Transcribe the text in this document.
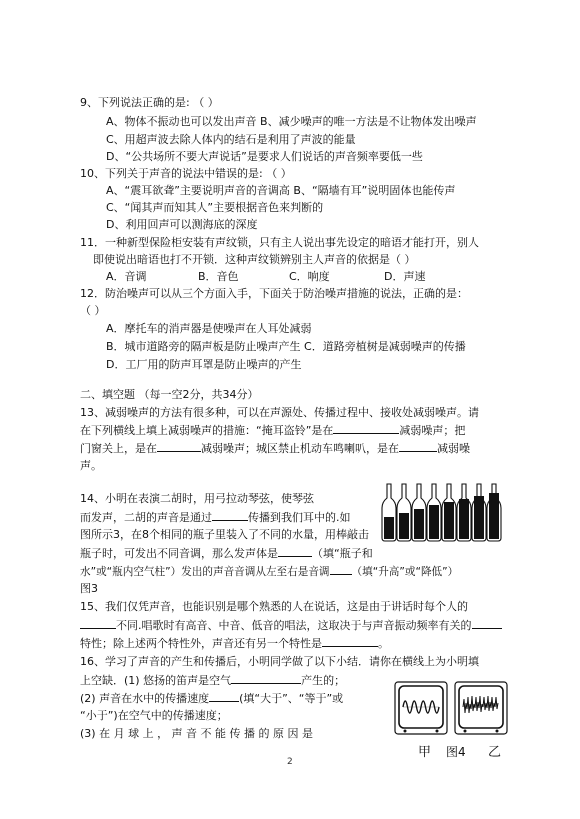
9、下列说法正确的是: （ ）
A、物体不振动也可以发出声音 B、减少噪声的唯一方法是不让物体发出噪声
C、用超声波去除人体内的结石是利用了声波的能量
D、“公共场所不要大声说话”是要求人们说话的声音频率要低一些
10、下列关于声音的说法中错误的是: （ ）
A、“震耳欲聋”主要说明声音的音调高 B、“隔墙有耳”说明固体也能传声
C、“闻其声而知其人”主要根据音色来判断的
D、利用回声可以测海底的深度
11．一种新型保险柜安装有声纹锁，只有主人说出事先设定的暗语才能打开，别人
即使说出暗语也打不开锁．这种声纹锁辨别主人声音的依据是（ ）
A．音调	B．音色	C．响度	D．声速
12．防治噪声可以从三个方面入手，下面关于防治噪声措施的说法，正确的是：
（ ）
A．摩托车的消声器是使噪声在人耳处减弱
B．城市道路旁的隔声板是防止噪声产生 C．道路旁植树是减弱噪声的传播
D．工厂用的防声耳罩是防止噪声的产生
二、填空题 （每一空2分，共34分）
13、减弱噪声的方法有很多种，可以在声源处、传播过程中、接收处减弱噪声。请
在下列横线上填上减弱噪声的措施：“掩耳盗铃”是在	减弱噪声；把
门窗关上，是在	减弱噪声；城区禁止机动车鸣喇叭，是在	减弱噪
声。
14、小明在表演二胡时，用弓拉动琴弦，使琴弦
而发声，二胡的声音是通过	传播到我们耳中的.如
图所示3，在8个相同的瓶子里装入了不同的水量，用棒敲击
瓶子时，可发出不同音调，那么发声体是	（填“瓶子和
水”或“瓶内空气柱”）发出的声音音调从左至右是音调 （填“升高”或“降低”）
图3
15、我们仅凭声音，也能识别是哪个熟悉的人在说话，这是由于讲话时每个人的
不同.唱歌时有高音、中音、低音的唱法，这取决于与声音振动频率有关的
特性；除上述两个特性外，声音还有另一个特性是	。
16、学习了声音的产生和传播后，小明同学做了以下小结．请你在横线上为小明填
上空缺．(1) 悠扬的笛声是空气	产生的；
(2) 声音在水中的传播速度	(填“大于”、“等于”或
“小于”)在空气中的传播速度；
(3) 在 月 球 上 ， 声 音 不 能 传 播 的 原 因 是
甲 图4 乙
2
